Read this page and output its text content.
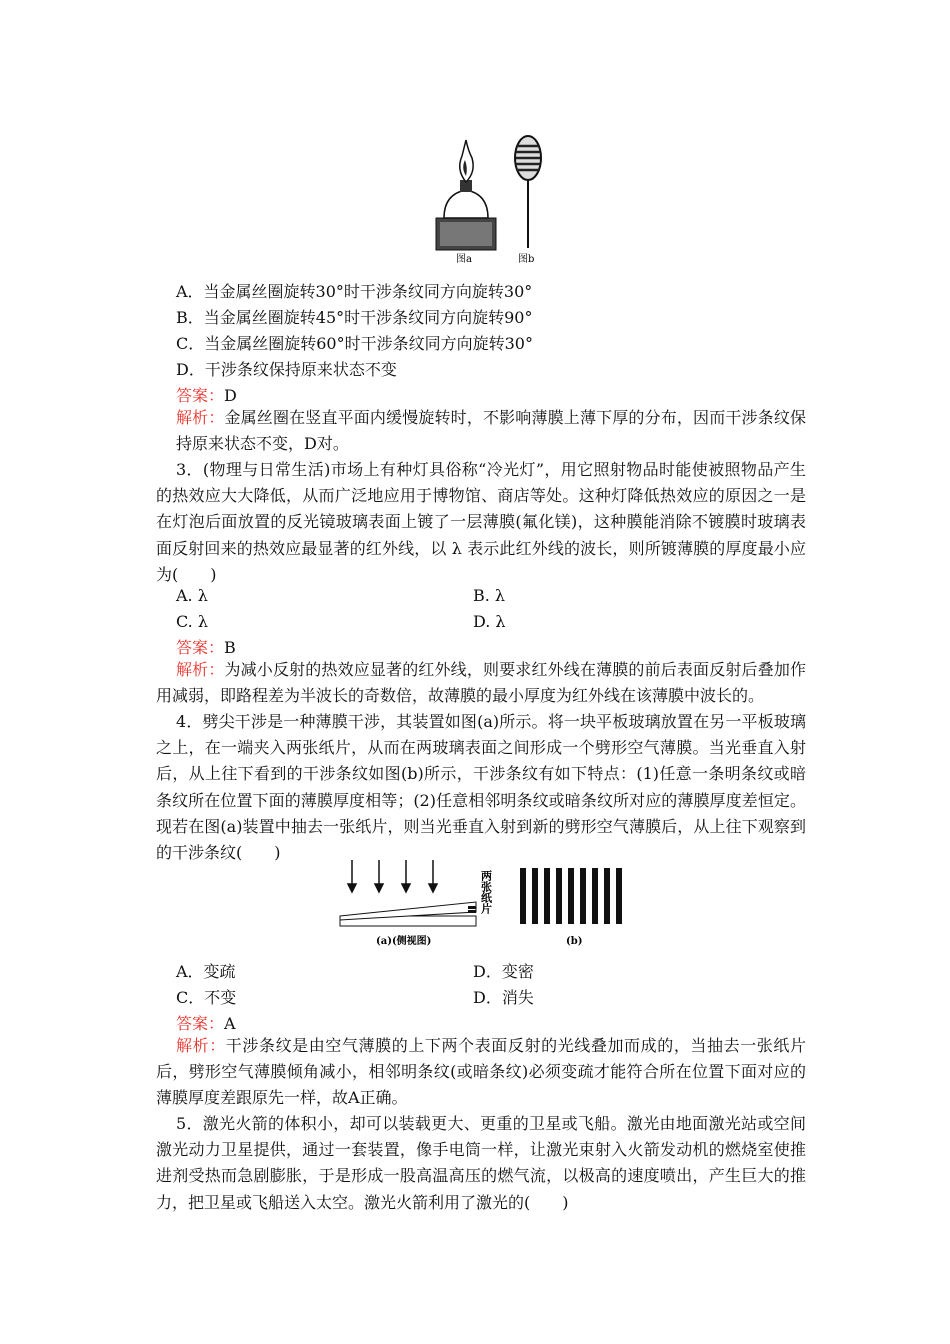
图a	图b
A．当金属丝圈旋转30°时干涉条纹同方向旋转30°
B．当金属丝圈旋转45°时干涉条纹同方向旋转90°
C．当金属丝圈旋转60°时干涉条纹同方向旋转30°
D．干涉条纹保持原来状态不变
答案：D
解析：金属丝圈在竖直平面内缓慢旋转时，不影响薄膜上薄下厚的分布，因而干涉条纹保持原来状态不变，D对。
3．(物理与日常生活)市场上有种灯具俗称“冷光灯”，用它照射物品时能使被照物品产生的热效应大大降低，从而广泛地应用于博物馆、商店等处。这种灯降低热效应的原因之一是在灯泡后面放置的反光镜玻璃表面上镀了一层薄膜(氟化镁)，这种膜能消除不镀膜时玻璃表面反射回来的热效应最显著的红外线，以 λ 表示此红外线的波长，则所镀薄膜的厚度最小应为(　　)
A. λ	B. λ
C. λ	D. λ
答案：B
解析：为减小反射的热效应显著的红外线，则要求红外线在薄膜的前后表面反射后叠加作用减弱，即路程差为半波长的奇数倍，故薄膜的最小厚度为红外线在该薄膜中波长的。
4．劈尖干涉是一种薄膜干涉，其装置如图(a)所示。将一块平板玻璃放置在另一平板玻璃之上，在一端夹入两张纸片，从而在两玻璃表面之间形成一个劈形空气薄膜。当光垂直入射后，从上往下看到的干涉条纹如图(b)所示，干涉条纹有如下特点：(1)任意一条明条纹或暗条纹所在位置下面的薄膜厚度相等；(2)任意相邻明条纹或暗条纹所对应的薄膜厚度差恒定。现若在图(a)装置中抽去一张纸片，则当光垂直入射到新的劈形空气薄膜后，从上往下观察到的干涉条纹(　　)
两张纸片
(a)(侧视图)	(b)
A．变疏	D．变密
C．不变	D．消失
答案：A
解析：干涉条纹是由空气薄膜的上下两个表面反射的光线叠加而成的，当抽去一张纸片后，劈形空气薄膜倾角减小，相邻明条纹(或暗条纹)必须变疏才能符合所在位置下面对应的薄膜厚度差跟原先一样，故A正确。
5．激光火箭的体积小，却可以装载更大、更重的卫星或飞船。激光由地面激光站或空间激光动力卫星提供，通过一套装置，像手电筒一样，让激光束射入火箭发动机的燃烧室使推进剂受热而急剧膨胀，于是形成一股高温高压的燃气流，以极高的速度喷出，产生巨大的推力，把卫星或飞船送入太空。激光火箭利用了激光的(　　)
